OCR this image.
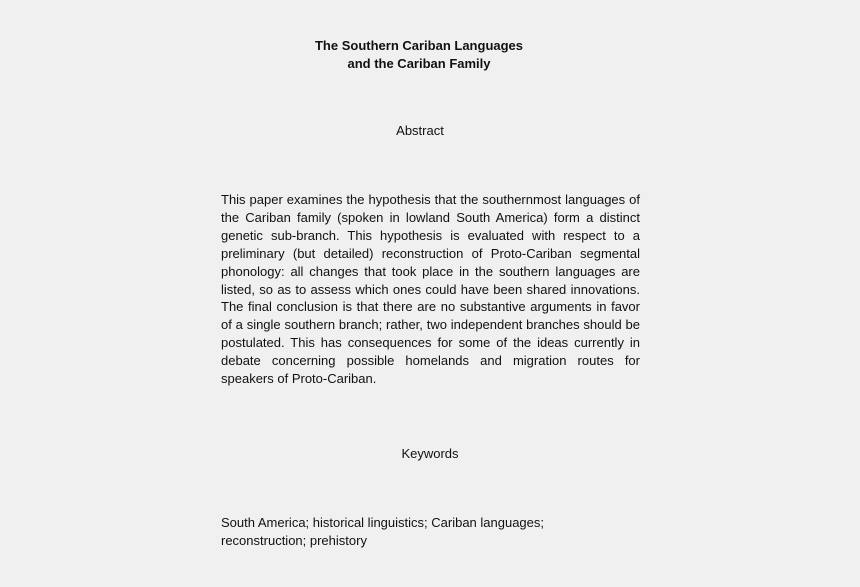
The Southern Cariban Languages
and the Cariban Family
Abstract
This paper examines the hypothesis that the southernmost languages of the Cariban family (spoken in lowland South America) form a distinct genetic sub-branch. This hypothesis is evaluated with respect to a preliminary (but detailed) reconstruction of Proto-Cariban segmental phonology: all changes that took place in the southern languages are listed, so as to assess which ones could have been shared innovations. The final conclusion is that there are no substantive arguments in favor of a single southern branch; rather, two independent branches should be postulated. This has consequences for some of the ideas currently in debate concerning possible homelands and migration routes for speakers of Proto-Cariban.
Keywords
South America; historical linguistics; Cariban languages;
reconstruction; prehistory
